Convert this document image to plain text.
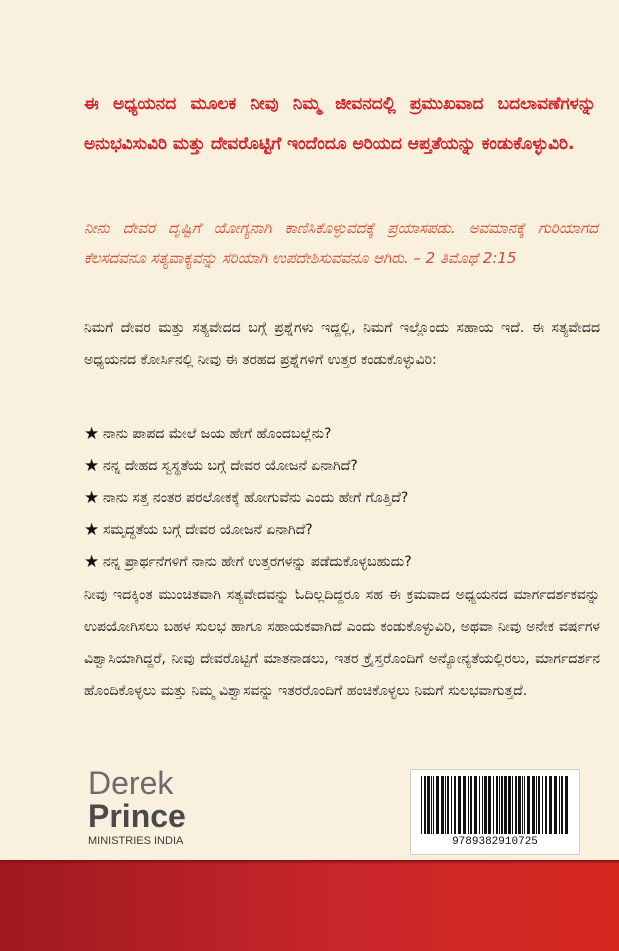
ಈ ಅಧ್ಯಯನದ ಮೂಲಕ ನೀವು ನಿಮ್ಮ ಜೀವನದಲ್ಲಿ ಪ್ರಮುಖವಾದ ಬದಲಾವಣೆಗಳನ್ನು ಅನುಭವಿಸುವಿರಿ ಮತ್ತು ದೇವರೊಟ್ಟಿಗೆ ಇಂದೆಂದೂ ಅರಿಯದ ಆಪ್ತತೆಯನ್ನು ಕಂಡುಕೊಳ್ಳುವಿರಿ.

ನೀನು ದೇವರ ದೃಷ್ಟಿಗೆ ಯೋಗ್ಯನಾಗಿ ಕಾಣಿಸಿಕೊಳ್ಳುವದಕ್ಕೆ ಪ್ರಯಾಸಪಡು. ಅವಮಾನಕ್ಕೆ ಗುರಿಯಾಗದ ಕೆಲಸದವನೂ ಸತ್ಯವಾಕ್ಯವನ್ನು ಸರಿಯಾಗಿ ಉಪದೇಶಿಸುವವನೂ ಆಗಿರು. – 2 ತಿಮೊಥೆ 2:15

ನಿಮಗೆ ದೇವರ ಮತ್ತು ಸತ್ಯವೇದದ ಬಗ್ಗೆ ಪ್ರಶ್ನೆಗಳು ಇದ್ದಲ್ಲಿ, ನಿಮಗೆ ಇಲ್ಲೊಂದು ಸಹಾಯ ಇದೆ. ಈ ಸತ್ಯವೇದದ ಅಧ್ಯಯನದ ಕೋರ್ಸಿನಲ್ಲಿ ನೀವು ಈ ತರಹದ ಪ್ರಶ್ನೆಗಳಿಗೆ ಉತ್ತರ ಕಂಡುಕೊಳ್ಳುವಿರಿ:

★ ನಾನು ಪಾಪದ ಮೇಲೆ ಜಯ ಹೇಗೆ ಹೊಂದಬಲ್ಲೆನು?
★ ನನ್ನ ದೇಹದ ಸ್ವಸ್ಥತೆಯ ಬಗ್ಗೆ ದೇವರ ಯೋಜನೆ ಏನಾಗಿದೆ?
★ ನಾನು ಸತ್ತ ನಂತರ ಪರಲೋಕಕ್ಕೆ ಹೋಗುವೆನು ಎಂದು ಹೇಗೆ ಗೊತ್ತಿದೆ?
★ ಸಮೃದ್ಧತೆಯ ಬಗ್ಗೆ ದೇವರ ಯೋಜನೆ ಏನಾಗಿದೆ?
★ ನನ್ನ ಪ್ರಾರ್ಥನೆಗಳಿಗೆ ನಾನು ಹೇಗೆ ಉತ್ತರಗಳನ್ನು ಪಡೆದುಕೊಳ್ಳಬಹುದು?

ನೀವು ಇದಕ್ಕಿಂತ ಮುಂಚಿತವಾಗಿ ಸತ್ಯವೇದವನ್ನು ಓದಿಲ್ಲದಿದ್ದರೂ ಸಹ ಈ ಕ್ರಮವಾದ ಅಧ್ಯಯನದ ಮಾರ್ಗದರ್ಶಕವನ್ನು ಉಪಯೋಗಿಸಲು ಬಹಳ ಸುಲಭ ಹಾಗೂ ಸಹಾಯಕವಾಗಿದೆ ಎಂದು ಕಂಡುಕೊಳ್ಳುವಿರಿ, ಅಥವಾ ನೀವು ಅನೇಕ ವರ್ಷಗಳ ವಿಶ್ವಾಸಿಯಾಗಿದ್ದರೆ, ನೀವು ದೇವರೊಟ್ಟಿಗೆ ಮಾತನಾಡಲು, ಇತರ ಕ್ರೈಸ್ತರೊಂದಿಗೆ ಅನ್ಯೋನ್ಯತೆಯಲ್ಲಿರಲು, ಮಾರ್ಗದರ್ಶನ ಹೊಂದಿಕೊಳ್ಳಲು ಮತ್ತು ನಿಮ್ಮ ವಿಶ್ವಾಸವನ್ನು ಇತರರೊಂದಿಗೆ ಹಂಚಿಕೊಳ್ಳಲು ನಿಮಗೆ ಸುಲಭವಾಗುತ್ತದೆ.

Derek
Prince
MINISTRIES INDIA	9789382910725
